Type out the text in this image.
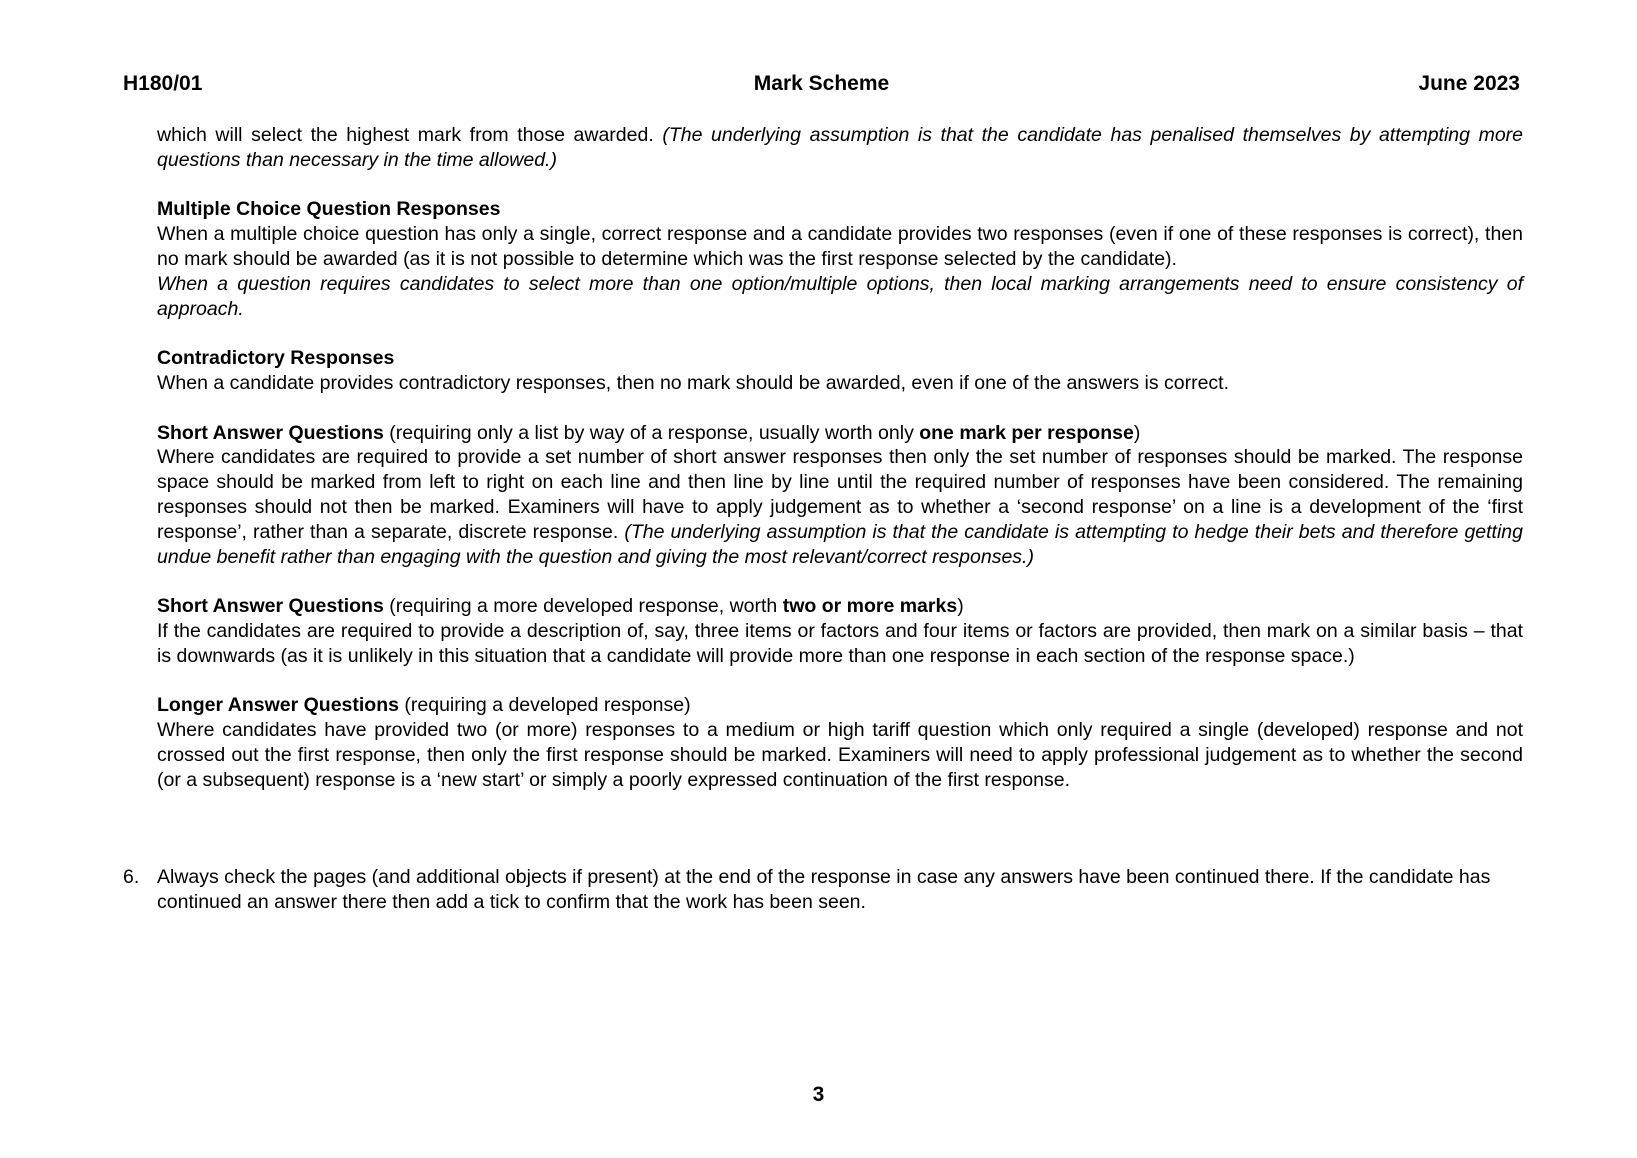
H180/01	Mark Scheme	June 2023

which will select the highest mark from those awarded. (The underlying assumption is that the candidate has penalised themselves by attempting more questions than necessary in the time allowed.)

Multiple Choice Question Responses

When a multiple choice question has only a single, correct response and a candidate provides two responses (even if one of these responses is correct), then no mark should be awarded (as it is not possible to determine which was the first response selected by the candidate).

When a question requires candidates to select more than one option/multiple options, then local marking arrangements need to ensure consistency of approach.

Contradictory Responses

When a candidate provides contradictory responses, then no mark should be awarded, even if one of the answers is correct.

Short Answer Questions (requiring only a list by way of a response, usually worth only one mark per response)

Where candidates are required to provide a set number of short answer responses then only the set number of responses should be marked. The response space should be marked from left to right on each line and then line by line until the required number of responses have been considered. The remaining responses should not then be marked. Examiners will have to apply judgement as to whether a ‘second response’ on a line is a development of the ‘first response’, rather than a separate, discrete response. (The underlying assumption is that the candidate is attempting to hedge their bets and therefore getting undue benefit rather than engaging with the question and giving the most relevant/correct responses.)

Short Answer Questions (requiring a more developed response, worth two or more marks)

If the candidates are required to provide a description of, say, three items or factors and four items or factors are provided, then mark on a similar basis – that is downwards (as it is unlikely in this situation that a candidate will provide more than one response in each section of the response space.)

Longer Answer Questions (requiring a developed response)

Where candidates have provided two (or more) responses to a medium or high tariff question which only required a single (developed) response and not crossed out the first response, then only the first response should be marked. Examiners will need to apply professional judgement as to whether the second (or a subsequent) response is a ‘new start’ or simply a poorly expressed continuation of the first response.

6. Always check the pages (and additional objects if present) at the end of the response in case any answers have been continued there. If the candidate has continued an answer there then add a tick to confirm that the work has been seen.

3
